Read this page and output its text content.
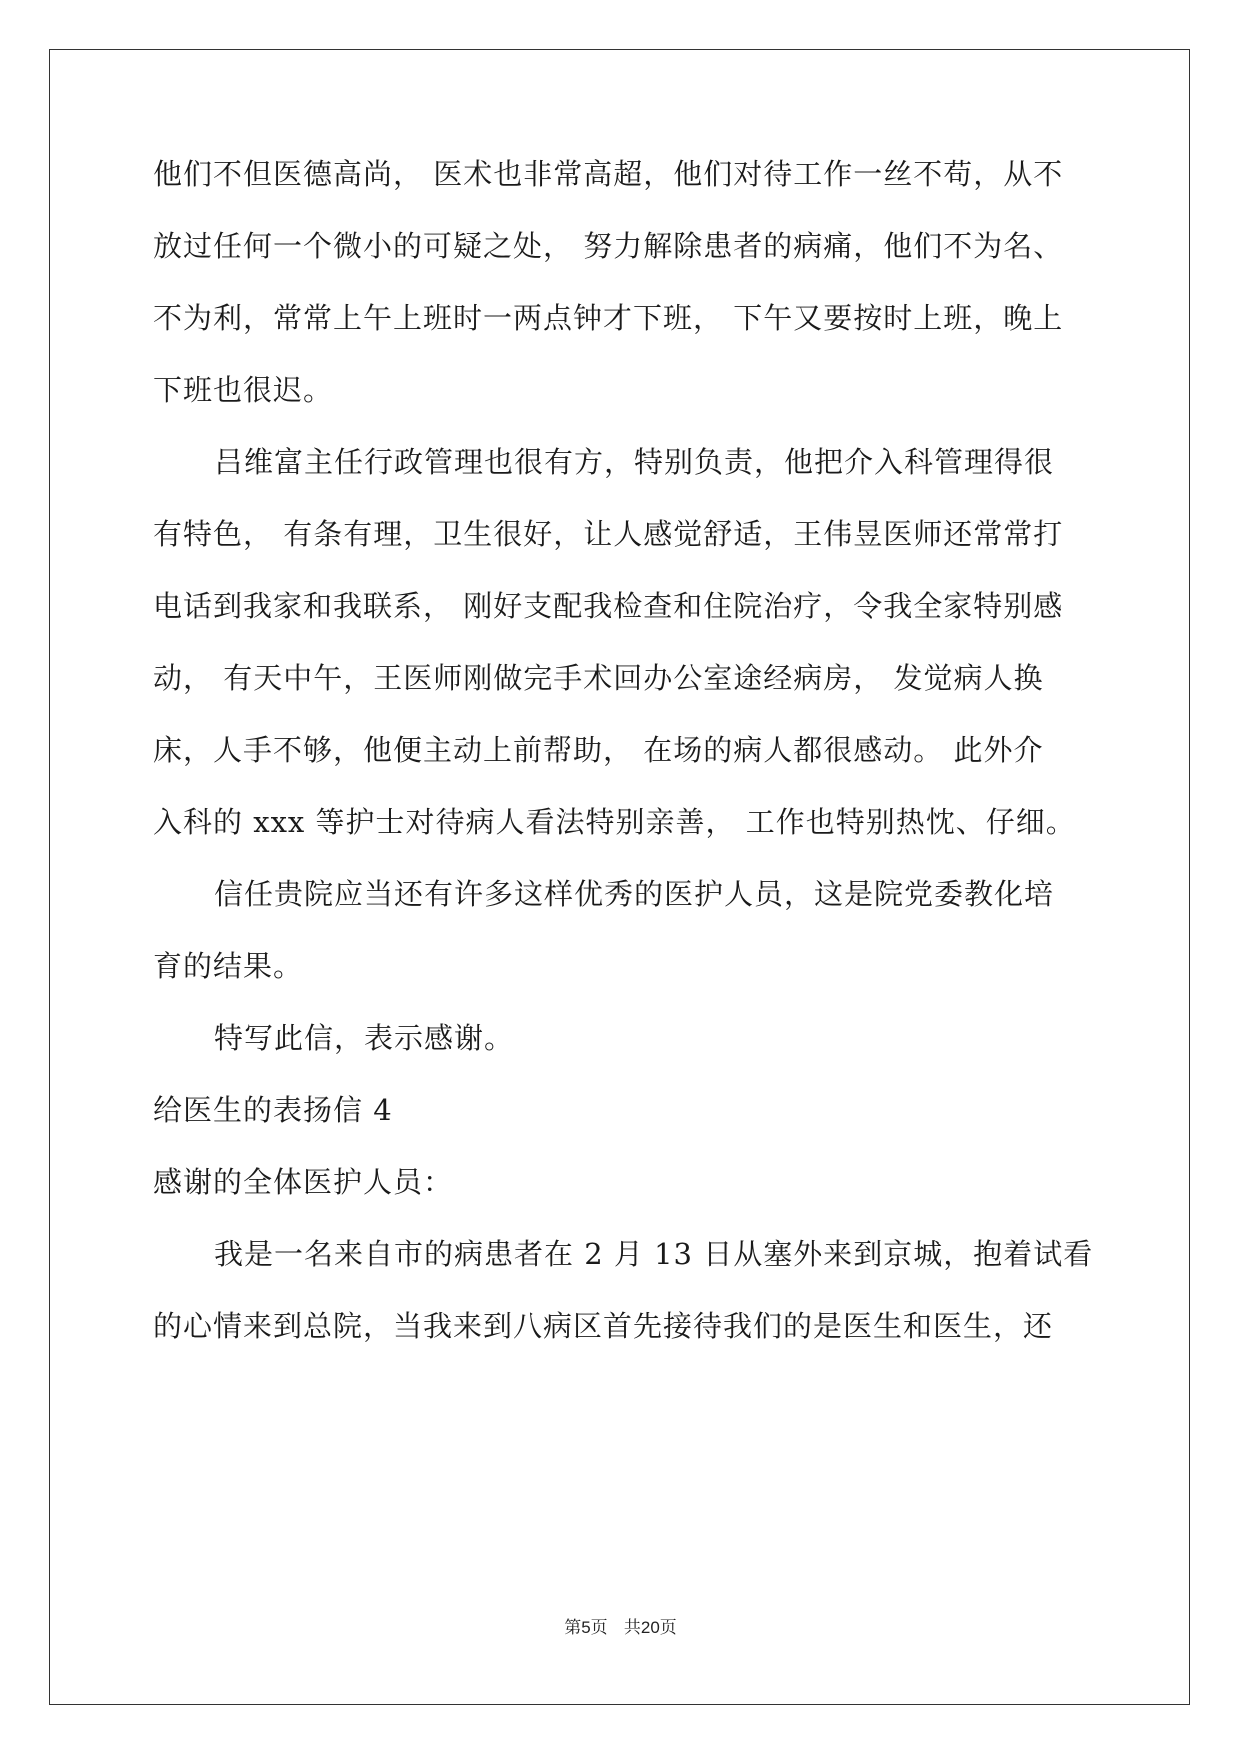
他们不但医德高尚， 医术也非常高超，他们对待工作一丝不苟，从不
放过任何一个微小的可疑之处， 努力解除患者的病痛，他们不为名、
不为利，常常上午上班时一两点钟才下班， 下午又要按时上班，晚上
下班也很迟。
吕维富主任行政管理也很有方，特别负责，他把介入科管理得很
有特色， 有条有理，卫生很好，让人感觉舒适，王伟昱医师还常常打
电话到我家和我联系， 刚好支配我检查和住院治疗，令我全家特别感
动， 有天中午，王医师刚做完手术回办公室途经病房， 发觉病人换
床，人手不够，他便主动上前帮助， 在场的病人都很感动。 此外介
入科的 xxx 等护士对待病人看法特别亲善， 工作也特别热忱、仔细。
信任贵院应当还有许多这样优秀的医护人员，这是院党委教化培
育的结果。
特写此信，表示感谢。
给医生的表扬信 4
感谢的全体医护人员：
我是一名来自市的病患者在 2 月 13 日从塞外来到京城，抱着试看
的心情来到总院，当我来到八病区首先接待我们的是医生和医生，还
第5页 共20页
